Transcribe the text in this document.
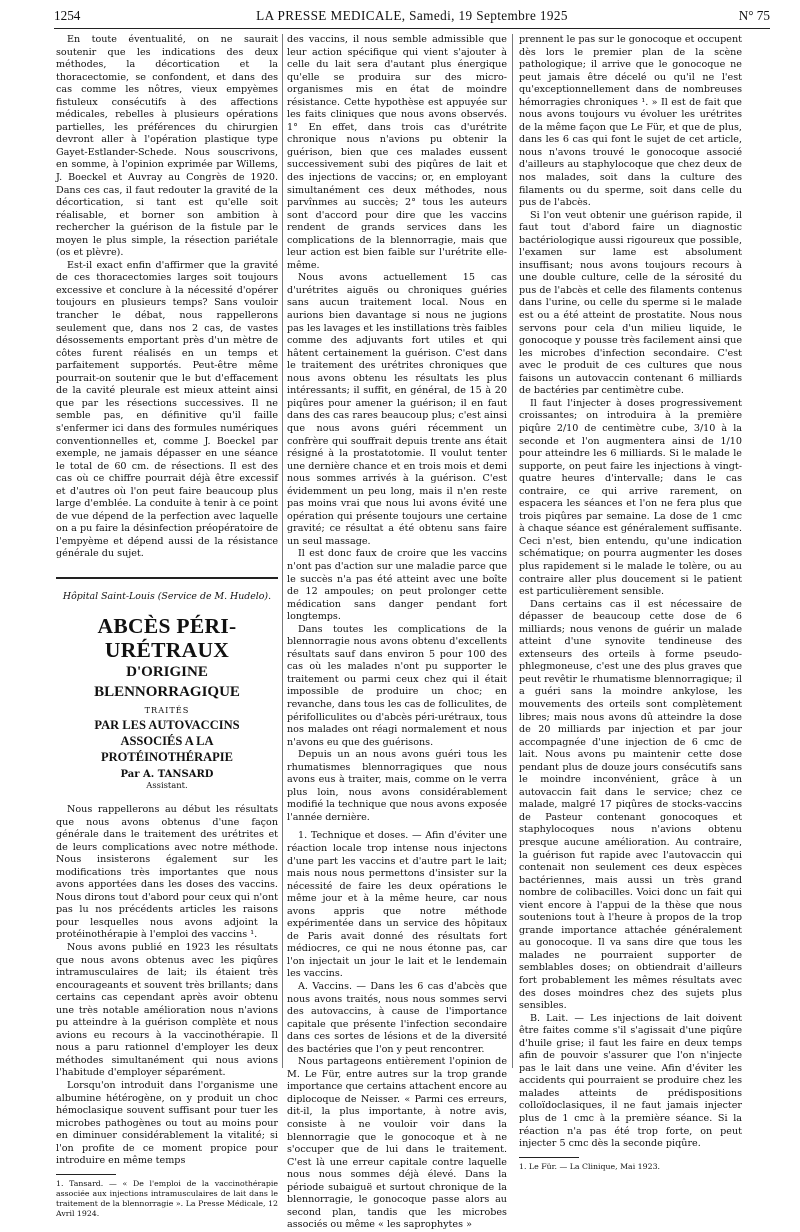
1254	LA PRESSE MEDICALE, Samedi, 19 Septembre 1925	N° 75

En toute éventualité, on ne saurait soutenir que les indications des deux méthodes, la décortication et la thoracectomie, se confondent, et dans des cas comme les nôtres, vieux empyèmes fistuleux consécutifs à des affections médicales, rebelles à plusieurs opérations partielles, les préférences du chirurgien devront aller à l'opération plastique type Gayet-Estlander-Schede. Nous souscrivons, en somme, à l'opinion exprimée par Willems, J. Boeckel et Auvray au Congrès de 1920. Dans ces cas, il faut redouter la gravité de la décortication, si tant est qu'elle soit réalisable, et borner son ambition à rechercher la guérison de la fistule par le moyen le plus simple, la résection pariétale (os et plèvre).

Est-il exact enfin d'affirmer que la gravité de ces thoracectomies larges soit toujours excessive et conclure à la nécessité d'opérer toujours en plusieurs temps? Sans vouloir trancher le débat, nous rappellerons seulement que, dans nos 2 cas, de vastes désossements emportant près d'un mètre de côtes furent réalisés en un temps et parfaitement supportés. Peut-être même pourrait-on soutenir que le but d'effacement de la cavité pleurale est mieux atteint ainsi que par les résections successives. Il ne semble pas, en définitive qu'il faille s'enfermer ici dans des formules numériques conventionnelles et, comme J. Boeckel par exemple, ne jamais dépasser en une séance le total de 60 cm. de résections. Il est des cas où ce chiffre pourrait déjà être excessif et d'autres où l'on peut faire beaucoup plus large d'emblée. La conduite à tenir à ce point de vue dépend de la perfection avec laquelle on a pu faire la désinfection préopératoire de l'empyème et dépend aussi de la résistance générale du sujet.

Hôpital Saint-Louis (Service de M. Hudelo).
ABCÈS PÉRI-URÉTRAUX
D'ORIGINE BLENNORRAGIQUE
TRAITÉS
PAR LES AUTOVACCINS
ASSOCIÉS A LA PROTÉINOTHÉRAPIE
Par A. TANSARD
Assistant.

Nous rappellerons au début les résultats que nous avons obtenus d'une façon générale dans le traitement des urétrites et de leurs complications avec notre méthode. Nous insisterons également sur les modifications très importantes que nous avons apportées dans les doses des vaccins. Nous dirons tout d'abord pour ceux qui n'ont pas lu nos précédents articles les raisons pour lesquelles nous avons adjoint la protéinothérapie à l'emploi des vaccins ¹.

Nous avons publié en 1923 les résultats que nous avons obtenus avec les piqûres intramusculaires de lait; ils étaient très encourageants et souvent très brillants; dans certains cas cependant après avoir obtenu une très notable amélioration nous n'avions pu atteindre à la guérison complète et nous avions eu recours à la vaccinothérapie. Il nous a paru rationnel d'employer les deux méthodes simultanément qui nous avions l'habitude d'employer séparément.

Lorsqu'on introduit dans l'organisme une albumine hétérogène, on y produit un choc hémoclasique souvent suffisant pour tuer les microbes pathogènes ou tout au moins pour en diminuer considérablement la vitalité; si l'on profite de ce moment propice pour introduire en même temps

1. Tansard. — « De l'emploi de la vaccinothérapie associée aux injections intramusculaires de lait dans le traitement de la blennorragie ». La Presse Médicale, 12 Avril 1924.

des vaccins, il nous semble admissible que leur action spécifique qui vient s'ajouter à celle du lait sera d'autant plus énergique qu'elle se produira sur des micro-organismes mis en état de moindre résistance. Cette hypothèse est appuyée sur les faits cliniques que nous avons observés. 1° En effet, dans trois cas d'urétrite chronique nous n'avions pu obtenir la guérison, bien que ces malades eussent successivement subi des piqûres de lait et des injections de vaccins; or, en employant simultanément ces deux méthodes, nous parvînmes au succès; 2° tous les auteurs sont d'accord pour dire que les vaccins rendent de grands services dans les complications de la blennorragie, mais que leur action est bien faible sur l'urétrite elle-même.

Nous avons actuellement 15 cas d'urétrites aiguës ou chroniques guéries sans aucun traitement local. Nous en aurions bien davantage si nous ne jugions pas les lavages et les instillations très faibles comme des adjuvants fort utiles et qui hâtent certainement la guérison. C'est dans le traitement des urétrites chroniques que nous avons obtenu les résultats les plus intéressants; il suffit, en général, de 15 à 20 piqûres pour amener la guérison; il en faut dans des cas rares beaucoup plus; c'est ainsi que nous avons guéri récemment un confrère qui souffrait depuis trente ans était résigné à la prostatotomie. Il voulut tenter une dernière chance et en trois mois et demi nous sommes arrivés à la guérison. C'est évidemment un peu long, mais il n'en reste pas moins vrai que nous lui avons évité une opération qui présente toujours une certaine gravité; ce résultat a été obtenu sans faire un seul massage.

Il est donc faux de croire que les vaccins n'ont pas d'action sur une maladie parce que le succès n'a pas été atteint avec une boîte de 12 ampoules; on peut prolonger cette médication sans danger pendant fort longtemps.

Dans toutes les complications de la blennorragie nous avons obtenu d'excellents résultats sauf dans environ 5 pour 100 des cas où les malades n'ont pu supporter le traitement ou parmi ceux chez qui il était impossible de produire un choc; en revanche, dans tous les cas de folliculites, de périfolliculites ou d'abcès péri-urétraux, tous nos malades ont réagi normalement et nous n'avons eu que des guérisons.

Depuis un an nous avons guéri tous les rhumatismes blennorragiques que nous avons eus à traiter, mais, comme on le verra plus loin, nous avons considérablement modifié la technique que nous avons exposée l'année dernière.

1. Technique et doses. — Afin d'éviter une réaction locale trop intense nous injectons d'une part les vaccins et d'autre part le lait; mais nous nous permettons d'insister sur la nécessité de faire les deux opérations le même jour et à la même heure, car nous avons appris que notre méthode expérimentée dans un service des hôpitaux de Paris avait donné des résultats fort médiocres, ce qui ne nous étonne pas, car l'on injectait un jour le lait et le lendemain les vaccins.

A. Vaccins. — Dans les 6 cas d'abcès que nous avons traités, nous nous sommes servi des autovaccins, à cause de l'importance capitale que présente l'infection secondaire dans ces sortes de lésions et de la diversité des bactéries que l'on y peut rencontrer.

Nous partageons entièrement l'opinion de M. Le Für, entre autres sur la trop grande importance que certains attachent encore au diplocoque de Neisser. « Parmi ces erreurs, dit-il, la plus importante, à notre avis, consiste à ne vouloir voir dans la blennorragie que le gonocoque et à ne s'occuper que de lui dans le traitement. C'est là une erreur capitale contre laquelle nous nous sommes déjà élevé. Dans la période subaiguë et surtout chronique de la blennorragie, le gonocoque passe alors au second plan, tandis que les microbes associés ou même « les saprophytes »

prennent le pas sur le gonocoque et occupent dès lors le premier plan de la scène pathologique; il arrive que le gonocoque ne peut jamais être décelé ou qu'il ne l'est qu'exceptionnellement dans de nombreuses hémorragies chroniques ¹. » Il est de fait que nous avons toujours vu évoluer les urétrites de la même façon que Le Für, et que de plus, dans les 6 cas qui font le sujet de cet article, nous n'avons trouvé le gonocoque associé d'ailleurs au staphylocoque que chez deux de nos malades, soit dans la culture des filaments ou du sperme, soit dans celle du pus de l'abcès.

Si l'on veut obtenir une guérison rapide, il faut tout d'abord faire un diagnostic bactériologique aussi rigoureux que possible, l'examen sur lame est absolument insuffisant; nous avons toujours recours à une double culture, celle de la sérosité du pus de l'abcès et celle des filaments contenus dans l'urine, ou celle du sperme si le malade est ou a été atteint de prostatite. Nous nous servons pour cela d'un milieu liquide, le gonocoque y pousse très facilement ainsi que les microbes d'infection secondaire. C'est avec le produit de ces cultures que nous faisons un autovaccin contenant 6 milliards de bactéries par centimètre cube.

Il faut l'injecter à doses progressivement croissantes; on introduira à la première piqûre 2/10 de centimètre cube, 3/10 à la seconde et l'on augmentera ainsi de 1/10 pour atteindre les 6 milliards. Si le malade le supporte, on peut faire les injections à vingt-quatre heures d'intervalle; dans le cas contraire, ce qui arrive rarement, on espacera les séances et l'on ne fera plus que trois piqûres par semaine. La dose de 1 cmc à chaque séance est généralement suffisante. Ceci n'est, bien entendu, qu'une indication schématique; on pourra augmenter les doses plus rapidement si le malade le tolère, ou au contraire aller plus doucement si le patient est particulièrement sensible.

Dans certains cas il est nécessaire de dépasser de beaucoup cette dose de 6 milliards; nous venons de guérir un malade atteint d'une synovite tendineuse des extenseurs des orteils à forme pseudo-phlegmoneuse, c'est une des plus graves que peut revêtir le rhumatisme blennorragique; il a guéri sans la moindre ankylose, les mouvements des orteils sont complètement libres; mais nous avons dû atteindre la dose de 20 milliards par injection et par jour accompagnée d'une injection de 6 cmc de lait. Nous avons pu maintenir cette dose pendant plus de douze jours consécutifs sans le moindre inconvénient, grâce à un autovaccin fait dans le service; chez ce malade, malgré 17 piqûres de stocks-vaccins de Pasteur contenant gonocoques et staphylocoques nous n'avions obtenu presque aucune amélioration. Au contraire, la guérison fut rapide avec l'autovaccin qui contenait non seulement ces deux espèces bactériennes, mais aussi un très grand nombre de colibacilles. Voici donc un fait qui vient encore à l'appui de la thèse que nous soutenions tout à l'heure à propos de la trop grande importance attachée généralement au gonocoque. Il va sans dire que tous les malades ne pourraient supporter de semblables doses; on obtiendrait d'ailleurs fort probablement les mêmes résultats avec des doses moindres chez des sujets plus sensibles.

B. Lait. — Les injections de lait doivent être faites comme s'il s'agissait d'une piqûre d'huile grise; il faut les faire en deux temps afin de pouvoir s'assurer que l'on n'injecte pas le lait dans une veine. Afin d'éviter les accidents qui pourraient se produire chez les malades atteints de prédispositions colloïdoclasiques, il ne faut jamais injecter plus de 1 cmc à la première séance. Si la réaction n'a pas été trop forte, on peut injecter 5 cmc dès la seconde piqûre.

1. Le Für. — La Clinique, Mai 1923.
